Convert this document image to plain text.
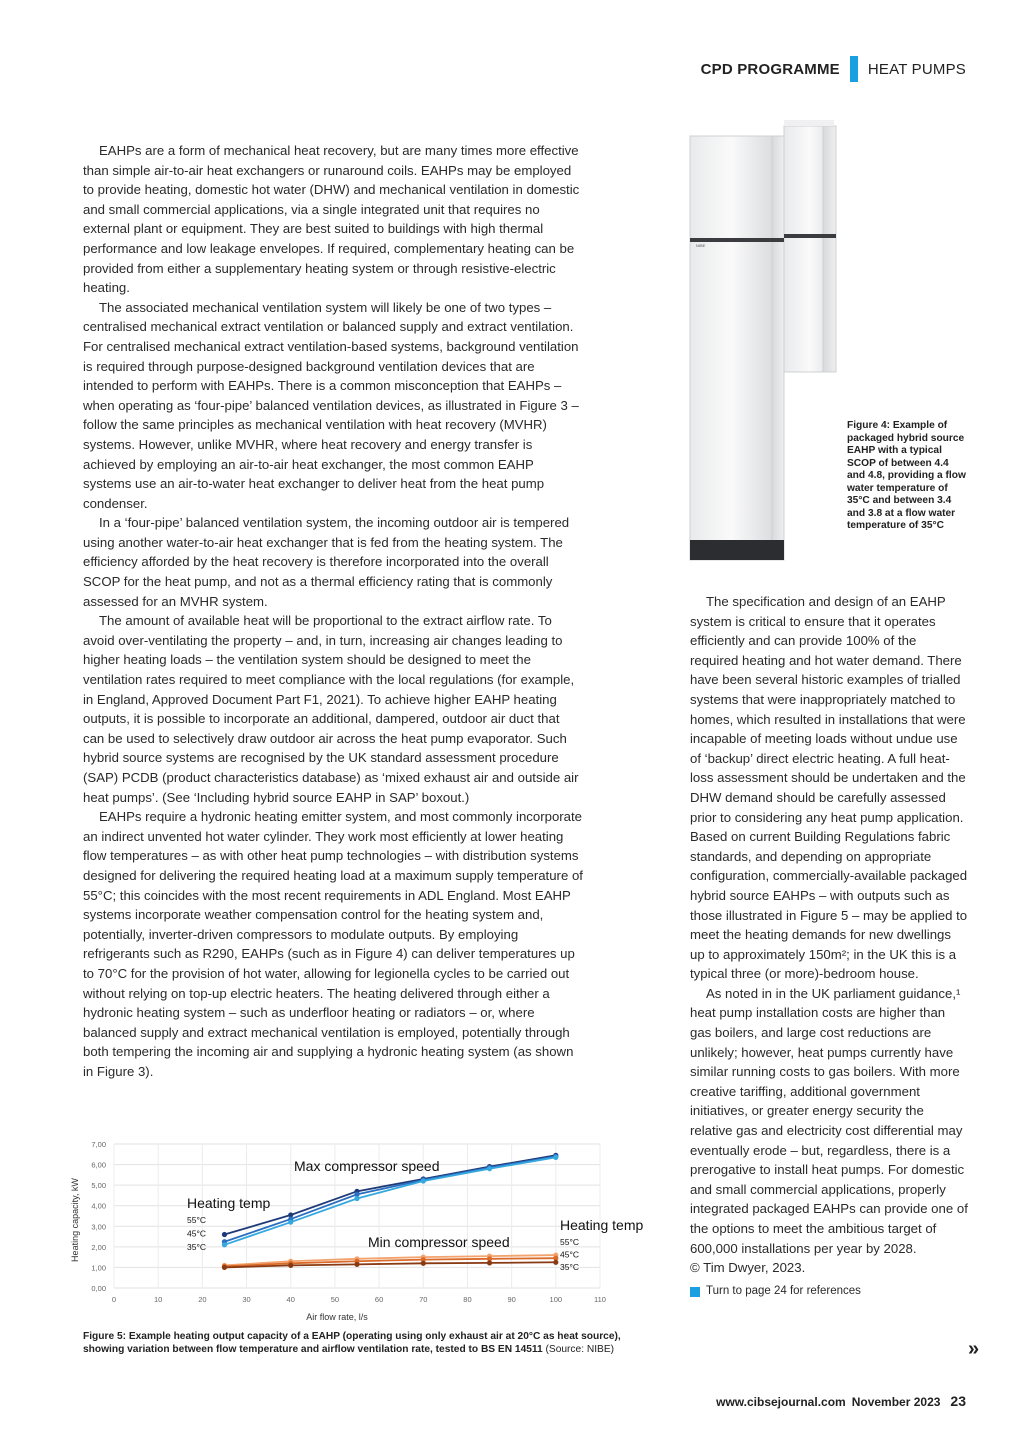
CPD PROGRAMME HEAT PUMPS

EAHPs are a form of mechanical heat recovery, but are many times more effective than simple air-to-air heat exchangers or runaround coils. EAHPs may be employed to provide heating, domestic hot water (DHW) and mechanical ventilation in domestic and small commercial applications, via a single integrated unit that requires no external plant or equipment. They are best suited to buildings with high thermal performance and low leakage envelopes. If required, complementary heating can be provided from either a supplementary heating system or through resistive-electric heating.

The associated mechanical ventilation system will likely be one of two types – centralised mechanical extract ventilation or balanced supply and extract ventilation. For centralised mechanical extract ventilation-based systems, background ventilation is required through purpose-designed background ventilation devices that are intended to perform with EAHPs. There is a common misconception that EAHPs – when operating as ‘four-pipe’ balanced ventilation devices, as illustrated in Figure 3 – follow the same principles as mechanical ventilation with heat recovery (MVHR) systems. However, unlike MVHR, where heat recovery and energy transfer is achieved by employing an air-to-air heat exchanger, the most common EAHP systems use an air-to-water heat exchanger to deliver heat from the heat pump condenser.

In a ‘four-pipe’ balanced ventilation system, the incoming outdoor air is tempered using another water-to-air heat exchanger that is fed from the heating system. The efficiency afforded by the heat recovery is therefore incorporated into the overall SCOP for the heat pump, and not as a thermal efficiency rating that is commonly assessed for an MVHR system.

The amount of available heat will be proportional to the extract airflow rate. To avoid over-ventilating the property – and, in turn, increasing air changes leading to higher heating loads – the ventilation system should be designed to meet the ventilation rates required to meet compliance with the local regulations (for example, in England, Approved Document Part F1, 2021). To achieve higher EAHP heating outputs, it is possible to incorporate an additional, dampered, outdoor air duct that can be used to selectively draw outdoor air across the heat pump evaporator. Such hybrid source systems are recognised by the UK standard assessment procedure (SAP) PCDB (product characteristics database) as ‘mixed exhaust air and outside air heat pumps’. (See ‘Including hybrid source EAHP in SAP’ boxout.)

EAHPs require a hydronic heating emitter system, and most commonly incorporate an indirect unvented hot water cylinder. They work most efficiently at lower heating flow temperatures – as with other heat pump technologies – with distribution systems designed for delivering the required heating load at a maximum supply temperature of 55°C; this coincides with the most recent requirements in ADL England. Most EAHP systems incorporate weather compensation control for the heating system and, potentially, inverter-driven compressors to modulate outputs. By employing refrigerants such as R290, EAHPs (such as in Figure 4) can deliver temperatures up to 70°C for the provision of hot water, allowing for legionella cycles to be carried out without relying on top-up electric heaters. The heating delivered through either a hydronic heating system – such as underfloor heating or radiators – or, where balanced supply and extract mechanical ventilation is employed, potentially through both tempering the incoming air and supplying a hydronic heating system (as shown in Figure 3).

NIBE
Figure 4: Example of packaged hybrid source EAHP with a typical SCOP of between 4.4 and 4.8, providing a flow water temperature of 35°C and between 3.4 and 3.8 at a flow water temperature of 35°C

The specification and design of an EAHP system is critical to ensure that it operates efficiently and can provide 100% of the required heating and hot water demand. There have been several historic examples of trialled systems that were inappropriately matched to homes, which resulted in installations that were incapable of meeting loads without undue use of ‘backup’ direct electric heating. A full heat-loss assessment should be undertaken and the DHW demand should be carefully assessed prior to considering any heat pump application. Based on current Building Regulations fabric standards, and depending on appropriate configuration, commercially-available packaged hybrid source EAHPs – with outputs such as those illustrated in Figure 5 – may be applied to meet the heating demands for new dwellings up to approximately 150m²; in the UK this is a typical three (or more)-bedroom house.

As noted in in the UK parliament guidance,¹ heat pump installation costs are higher than gas boilers, and large cost reductions are unlikely; however, heat pumps currently have similar running costs to gas boilers. With more creative tariffing, additional government initiatives, or greater energy security the relative gas and electricity cost differential may eventually erode – but, regardless, there is a prerogative to install heat pumps. For domestic and small commercial applications, properly integrated packaged EAHPs can provide one of the options to meet the ambitious target of 600,000 installations per year by 2028.

© Tim Dwyer, 2023.

Turn to page 24 for references
0,00
1,00
2,00
3,00
4,00
5,00
6,00
7,00
0	10	20	30	40	50	60	70	80	90	100	110
Air flow rate, l/s
Heating capacity, kW
Max compressor speed
Min compressor speed
Heating temp
55°C
45°C
35°C
Heating temp
55°C
45°C
35°C
Figure 5: Example heating output capacity of a EAHP (operating using only exhaust air at 20°C as heat source), showing variation between flow temperature and airflow ventilation rate, tested to BS EN 14511 (Source: NIBE)	»
www.cibsejournal.com November 2023 23
